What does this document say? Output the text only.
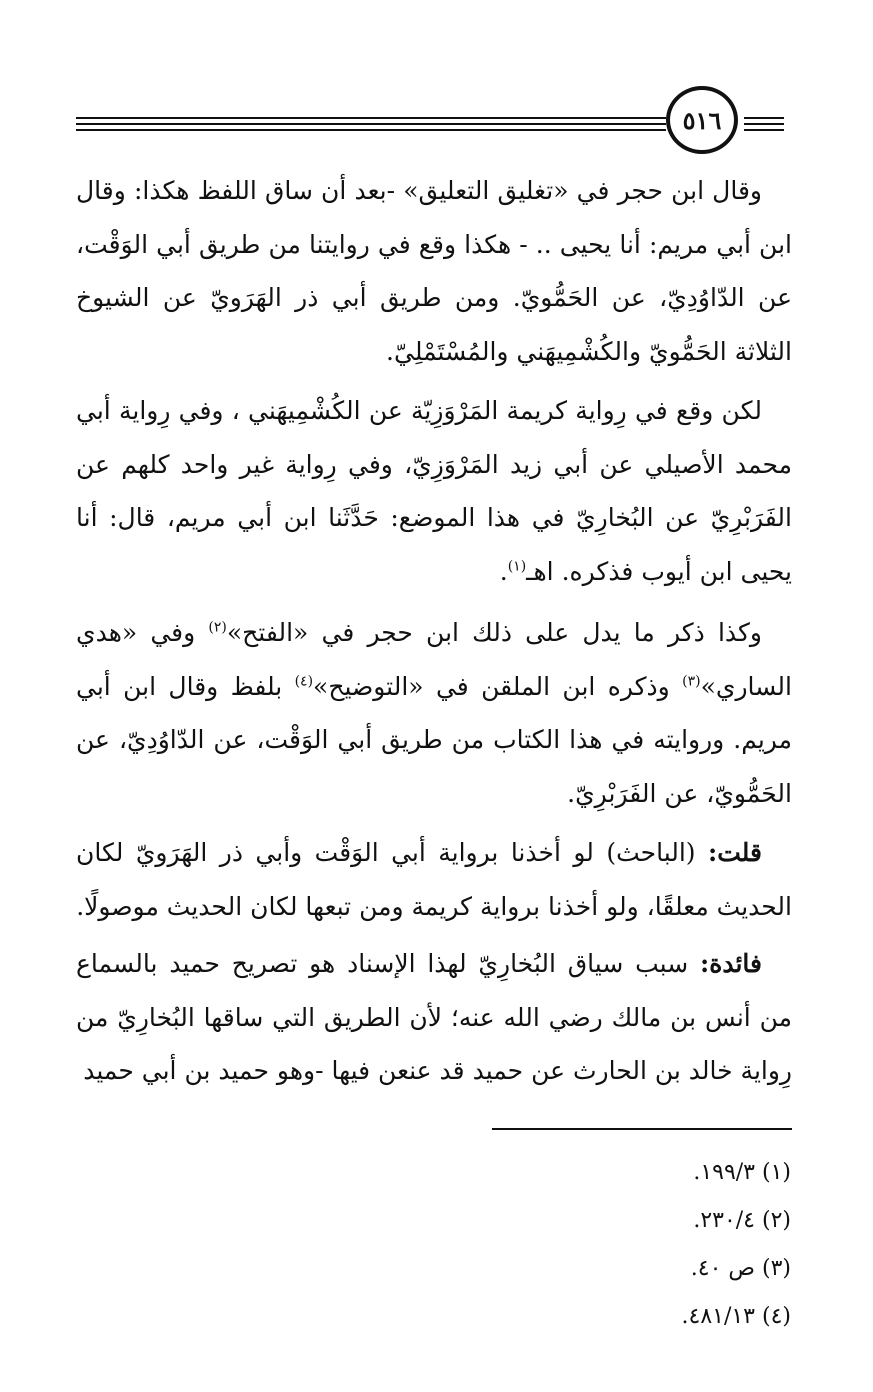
٥١٦

وقال ابن حجر في «تغليق التعليق» -بعد أن ساق اللفظ هكذا: وقال ابن أبي مريم: أنا يحيى .. - هكذا وقع في روايتنا من طريق أبي الوَقْت، عن الدّاوُدِيّ، عن الحَمُّويّ. ومن طريق أبي ذر الهَرَويّ عن الشيوخ الثلاثة الحَمُّويّ والكُشْمِيهَني والمُسْتَمْلِيّ.

لكن وقع في رِواية كريمة المَرْوَزِيّة عن الكُشْمِيهَني ، وفي رِواية أبي محمد الأصيلي عن أبي زيد المَرْوَزِيّ، وفي رِواية غير واحد كلهم عن الفَرَبْرِيّ عن البُخارِيّ في هذا الموضع: حَدَّثَنا ابن أبي مريم، قال: أنا يحيى ابن أيوب فذكره. اهـ$^{(١)}$.

وكذا ذكر ما يدل على ذلك ابن حجر في «الفتح»$^{(٢)}$ وفي «هدي الساري»$^{(٣)}$ وذكره ابن الملقن في «التوضيح»$^{(٤)}$ بلفظ وقال ابن أبي مريم. وروايته في هذا الكتاب من طريق أبي الوَقْت، عن الدّاوُدِيّ، عن الحَمُّويّ، عن الفَرَبْرِيّ.

قلت: (الباحث) لو أخذنا برواية أبي الوَقْت وأبي ذر الهَرَويّ لكان الحديث معلقًا، ولو أخذنا برواية كريمة ومن تبعها لكان الحديث موصولًا.

فائدة: سبب سياق البُخارِيّ لهذا الإسناد هو تصريح حميد بالسماع من أنس بن مالك رضي الله عنه؛ لأن الطريق التي ساقها البُخارِيّ من رِواية خالد بن الحارث عن حميد قد عنعن فيها -وهو حميد بن أبي حميد

(١) ١٩٩/٣.
(٢) ٢٣٠/٤.
(٣) ص ٤٠.
(٤) ٤٨١/١٣.
